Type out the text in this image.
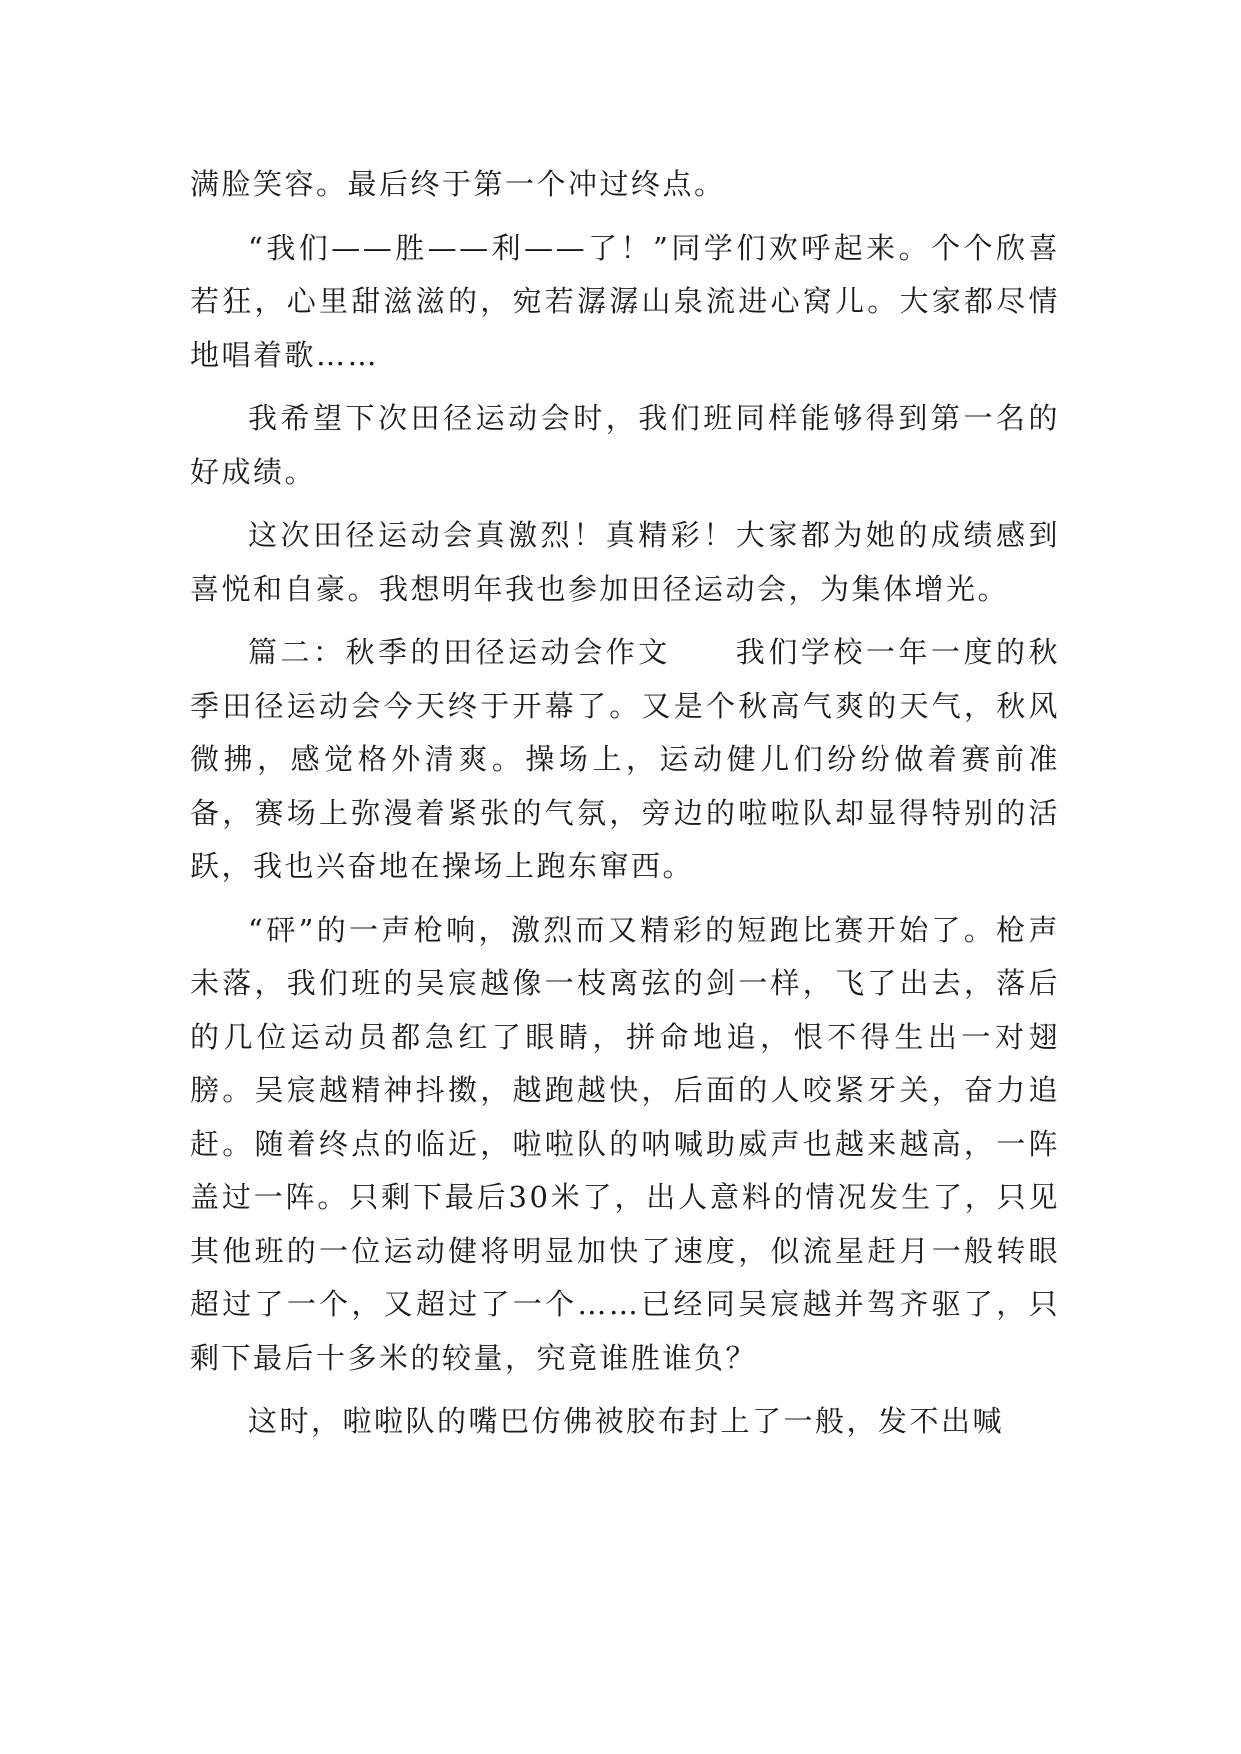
满脸笑容。最后终于第一个冲过终点。

“我们——胜——利——了！”同学们欢呼起来。个个欣喜若狂，心里甜滋滋的，宛若潺潺山泉流进心窝儿。大家都尽情地唱着歌……

我希望下次田径运动会时，我们班同样能够得到第一名的好成绩。

这次田径运动会真激烈！真精彩！大家都为她的成绩感到喜悦和自豪。我想明年我也参加田径运动会，为集体增光。

篇二：秋季的田径运动会作文　　我们学校一年一度的秋季田径运动会今天终于开幕了。又是个秋高气爽的天气，秋风微拂，感觉格外清爽。操场上，运动健儿们纷纷做着赛前准备，赛场上弥漫着紧张的气氛，旁边的啦啦队却显得特别的活跃，我也兴奋地在操场上跑东窜西。

“砰”的一声枪响，激烈而又精彩的短跑比赛开始了。枪声未落，我们班的吴宸越像一枝离弦的剑一样，飞了出去，落后的几位运动员都急红了眼睛，拼命地追，恨不得生出一对翅膀。吴宸越精神抖擞，越跑越快，后面的人咬紧牙关，奋力追赶。随着终点的临近，啦啦队的呐喊助威声也越来越高，一阵盖过一阵。只剩下最后30米了，出人意料的情况发生了，只见其他班的一位运动健将明显加快了速度，似流星赶月一般转眼超过了一个，又超过了一个……已经同吴宸越并驾齐驱了，只剩下最后十多米的较量，究竟谁胜谁负？

这时，啦啦队的嘴巴仿佛被胶布封上了一般，发不出喊
